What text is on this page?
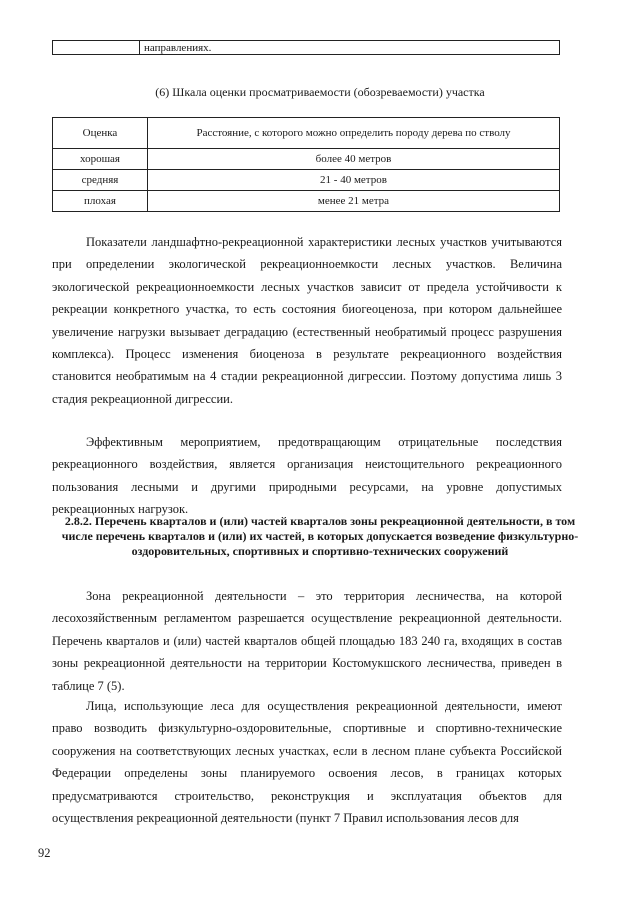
	направлениях.
(6) Шкала оценки просматриваемости (обозреваемости) участка
Оценка	Расстояние, с которого можно определить породу дерева по стволу
хорошая	более 40 метров
средняя	21 - 40 метров
плохая	менее 21 метра

Показатели ландшафтно-рекреационной характеристики лесных участков учитываются при определении экологической рекреационноемкости лесных участков. Величина экологической рекреационноемкости лесных участков зависит от предела устойчивости к рекреации конкретного участка, то есть состояния биогеоценоза, при котором дальнейшее увеличение нагрузки вызывает деградацию (естественный необратимый процесс разрушения комплекса). Процесс изменения биоценоза в результате рекреационного воздействия становится необратимым на 4 стадии рекреационной дигрессии. Поэтому допустима лишь 3 стадия рекреационной дигрессии.

Эффективным мероприятием, предотвращающим отрицательные последствия рекреационного воздействия, является организация неистощительного рекреационного пользования лесными и другими природными ресурсами, на уровне допустимых рекреационных нагрузок.

2.8.2. Перечень кварталов и (или) частей кварталов зоны рекреационной деятельности, в том числе перечень кварталов и (или) их частей, в которых допускается возведение физкультурно-оздоровительных, спортивных и спортивно-технических сооружений

Зона рекреационной деятельности – это территория лесничества, на которой лесохозяйственным регламентом разрешается осуществление рекреационной деятельности. Перечень кварталов и (или) частей кварталов общей площадью 183 240 га, входящих в состав зоны рекреационной деятельности на территории Костомукшского лесничества, приведен в таблице 7 (5).

Лица, использующие леса для осуществления рекреационной деятельности, имеют право возводить физкультурно-оздоровительные, спортивные и спортивно-технические сооружения на соответствующих лесных участках, если в лесном плане субъекта Российской Федерации определены зоны планируемого освоения лесов, в границах которых предусматриваются строительство, реконструкция и эксплуатация объектов для осуществления рекреационной деятельности (пункт 7 Правил использования лесов для

92
